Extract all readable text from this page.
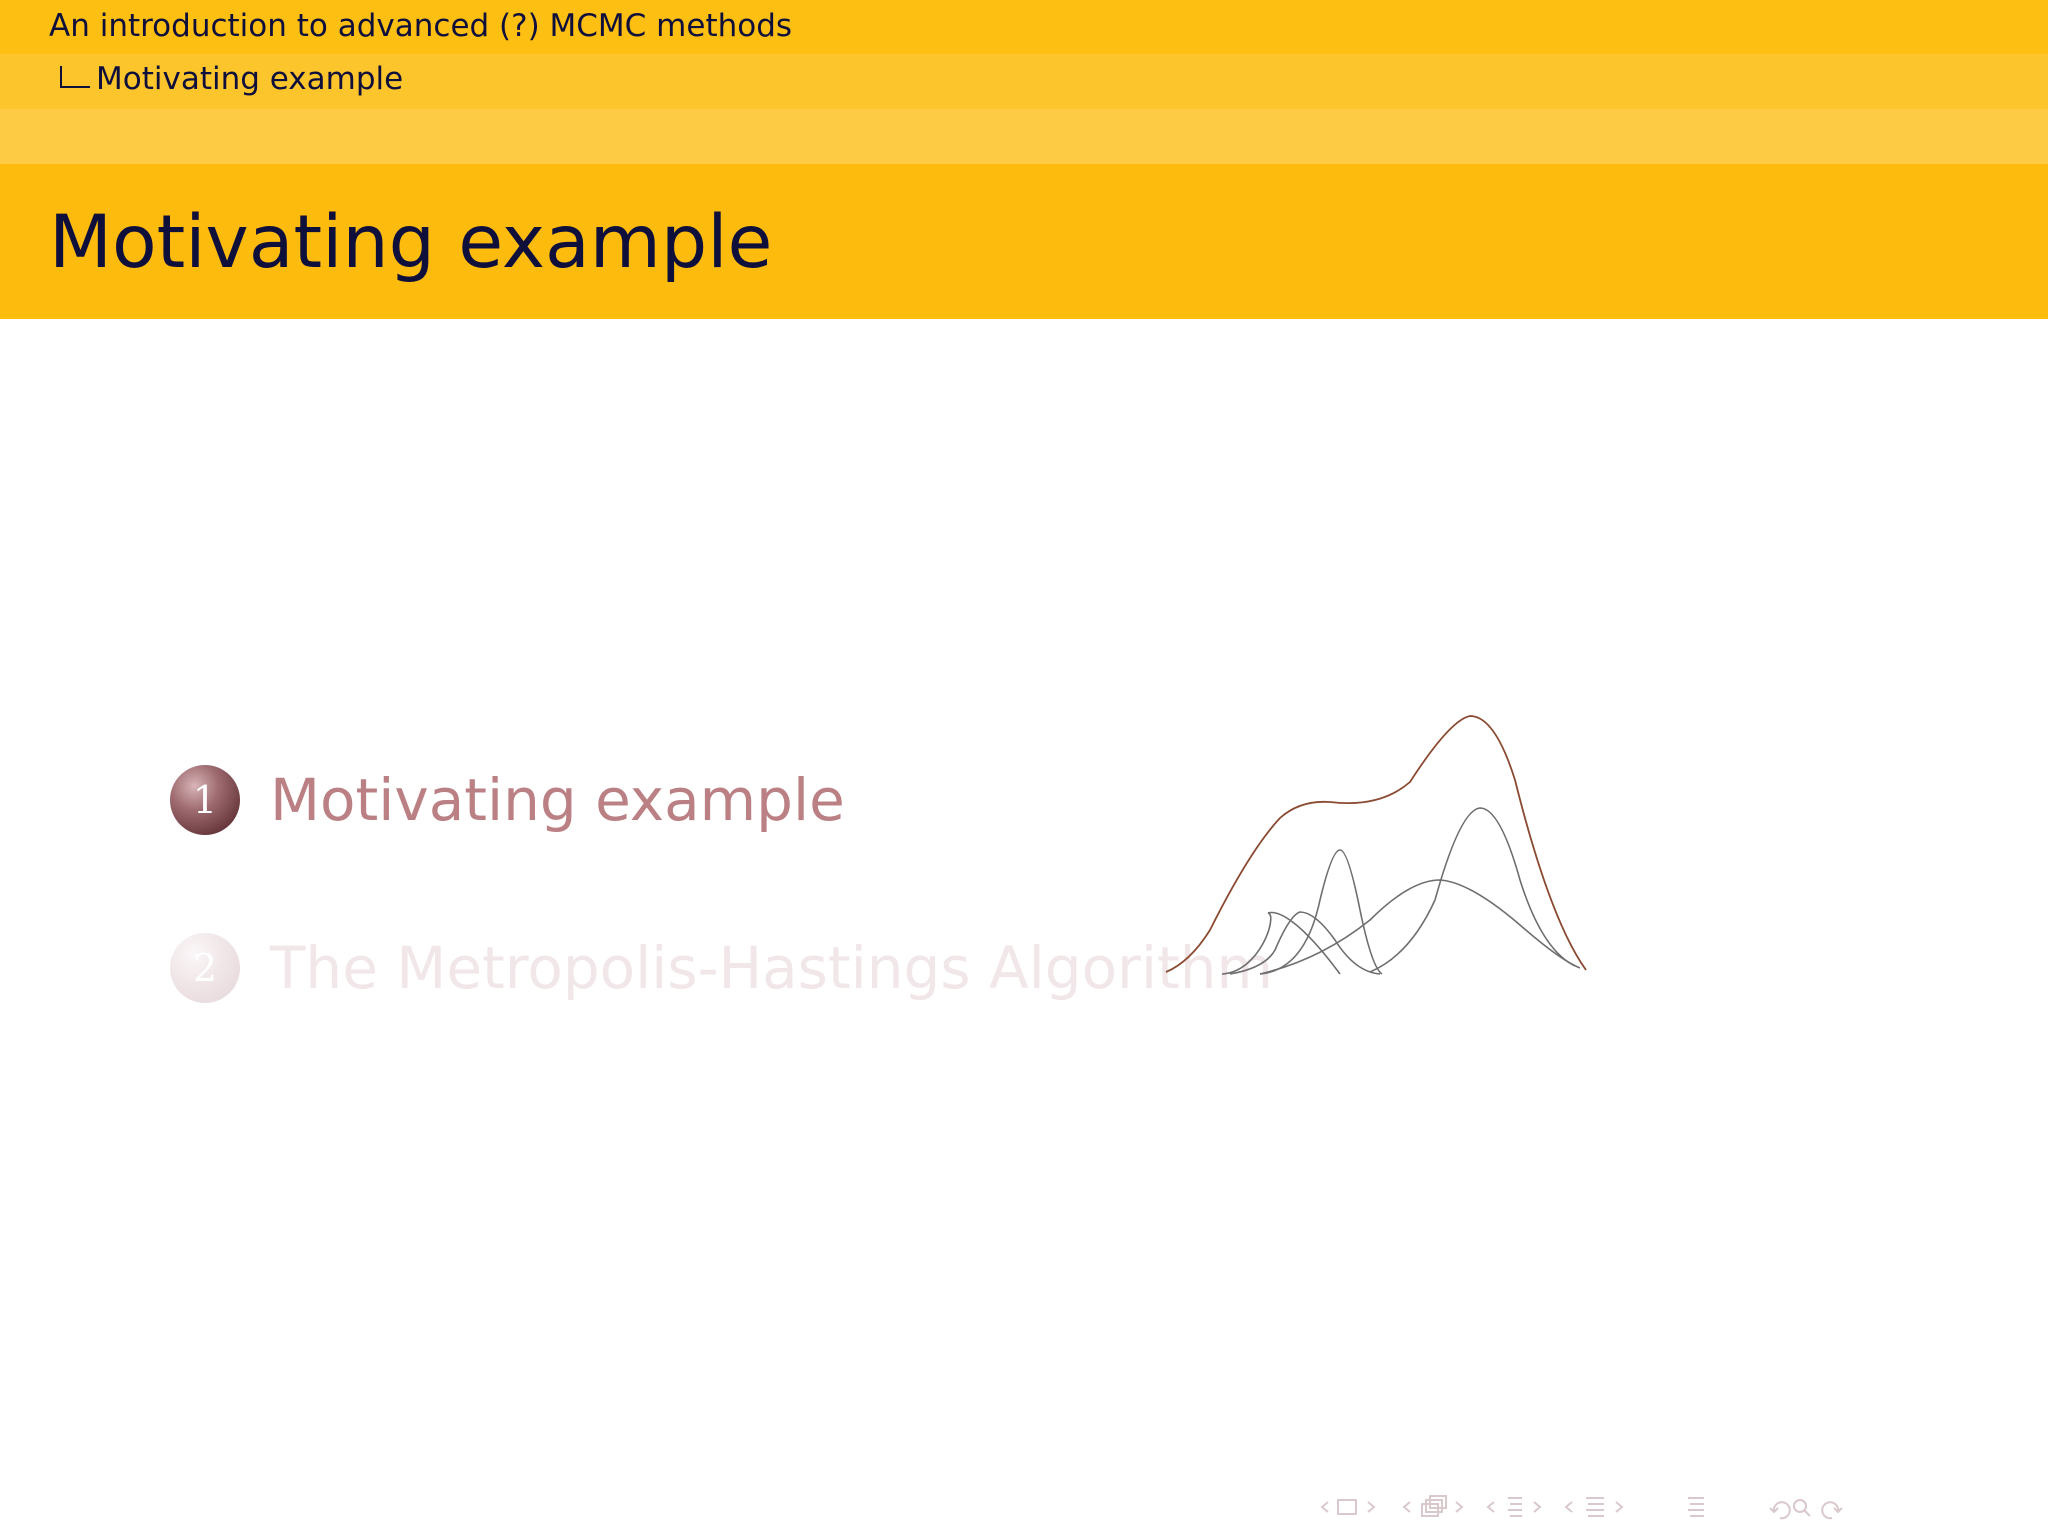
An introduction to advanced (?) MCMC methods
Motivating example
Motivating example
1 Motivating example
2 The Metropolis-Hastings Algorithm
